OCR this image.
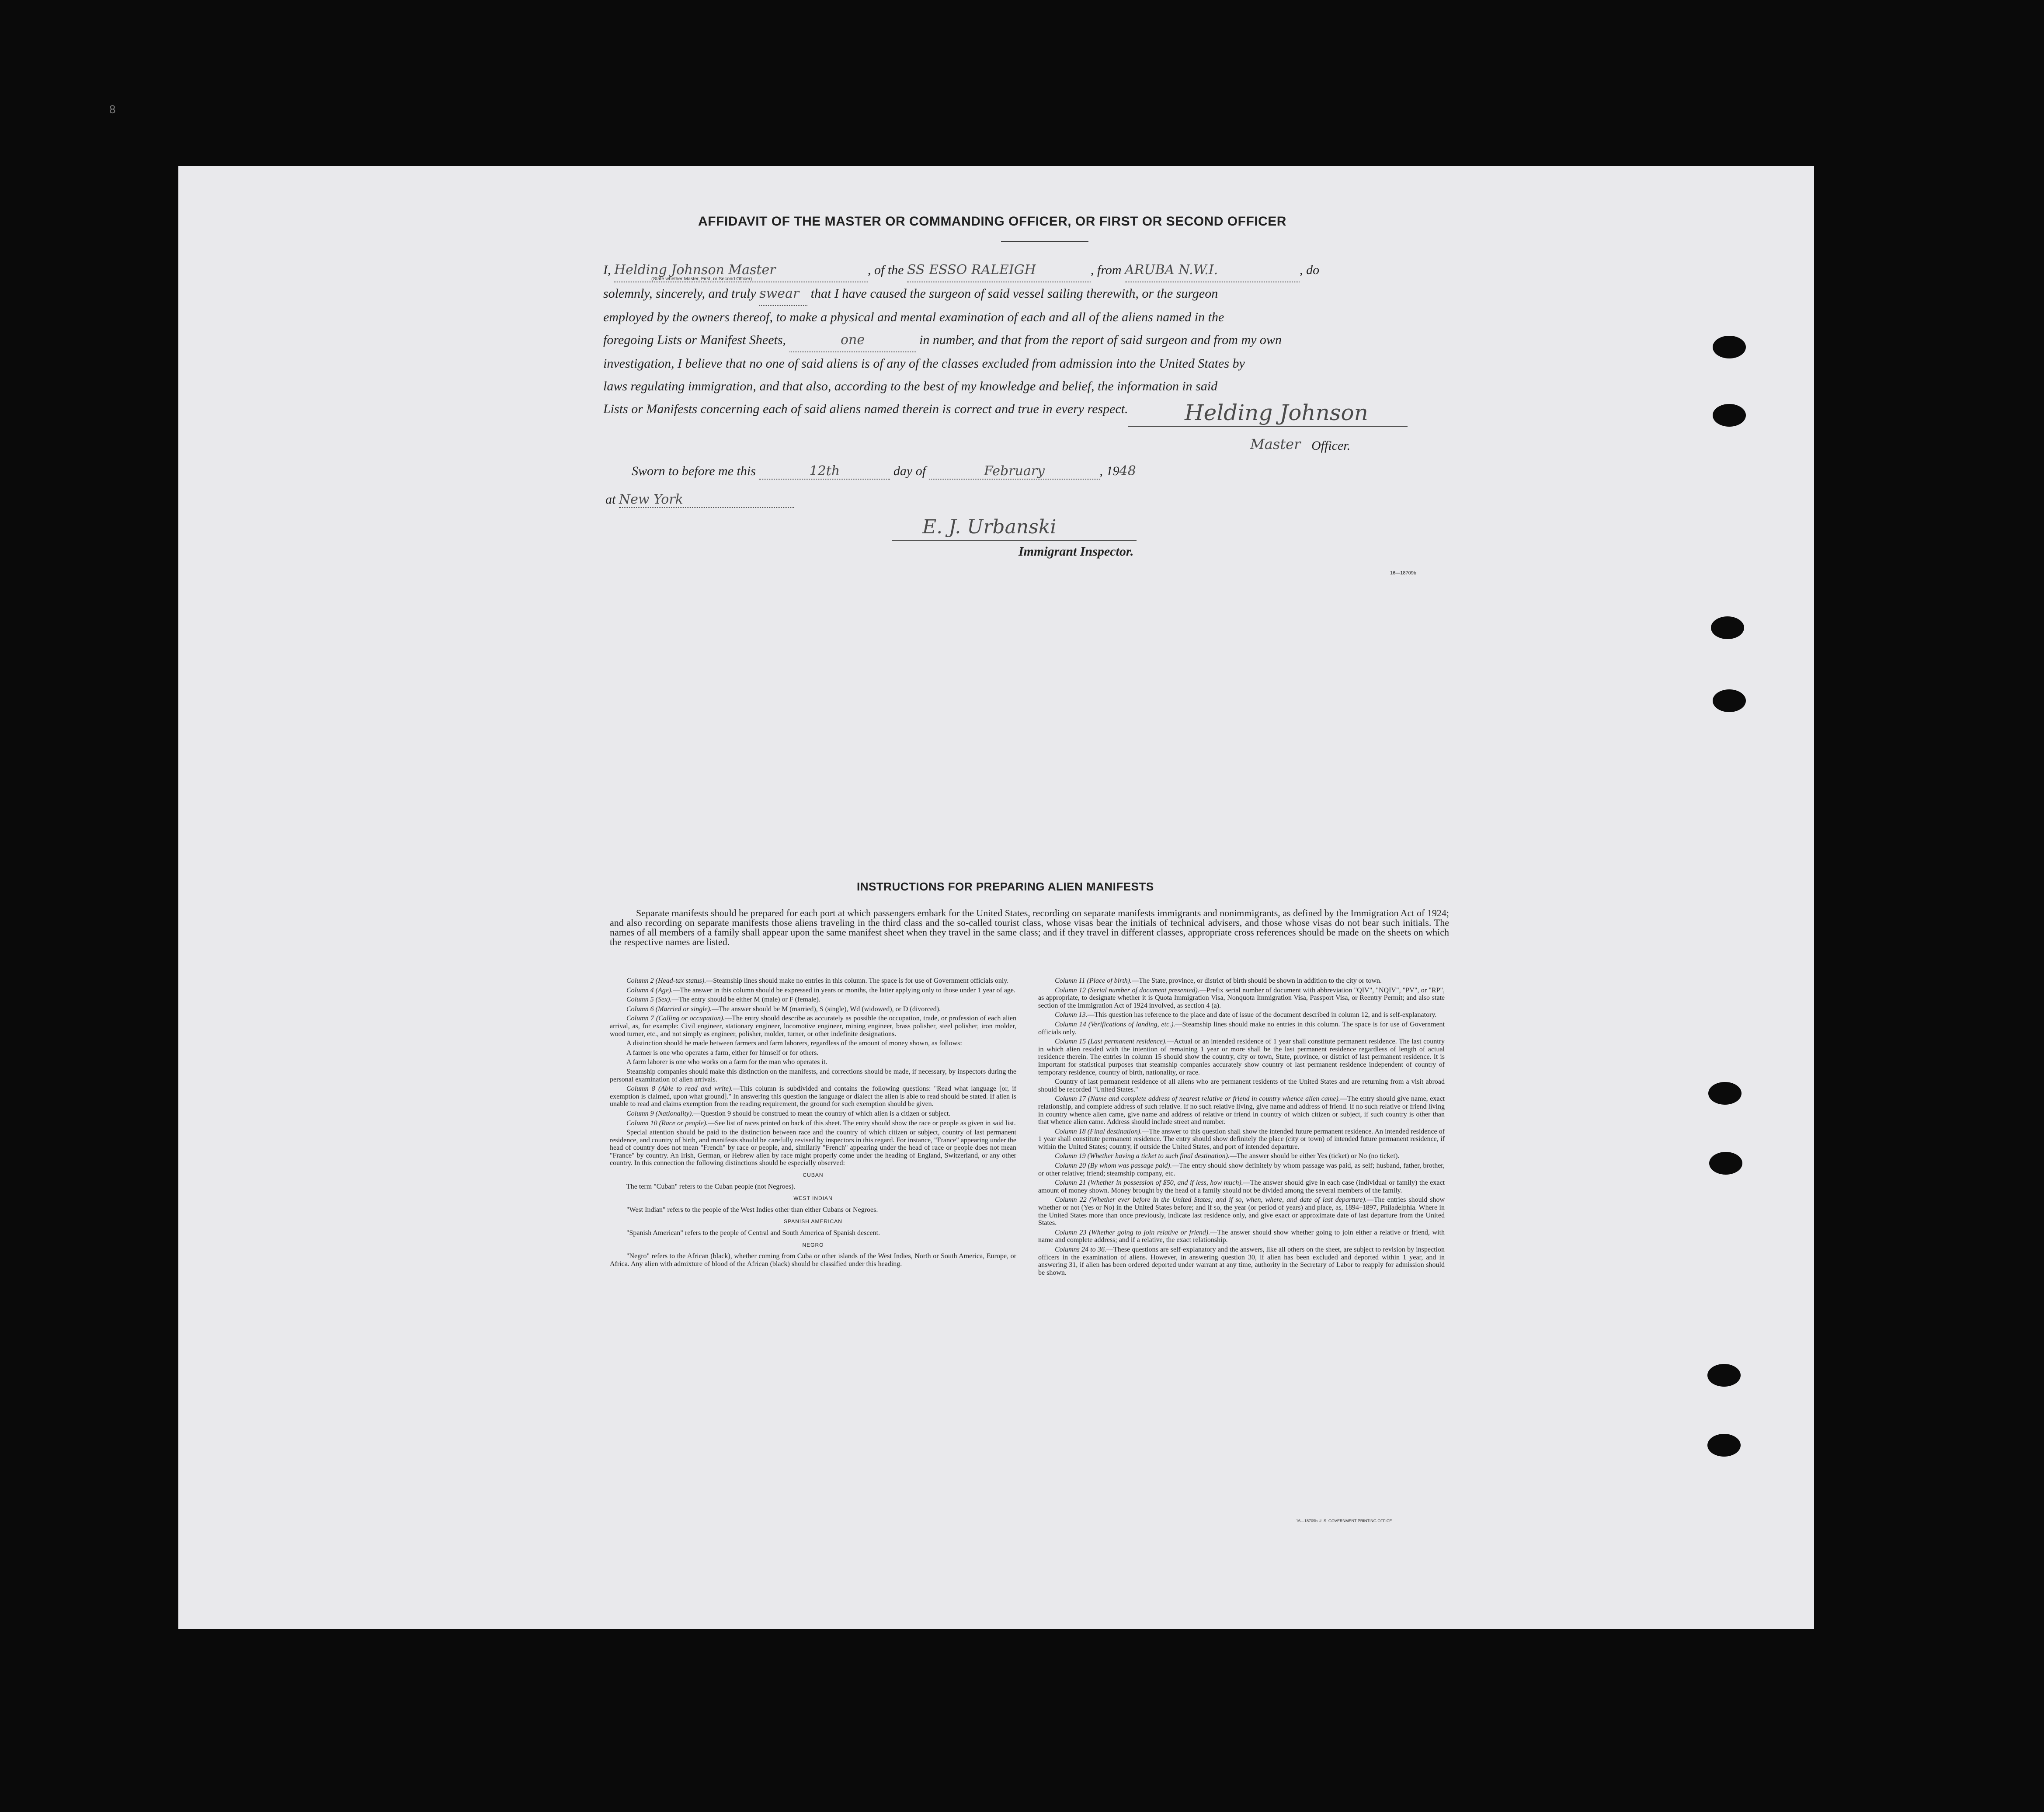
8
AFFIDAVIT OF THE MASTER OR COMMANDING OFFICER, OR FIRST OR SECOND OFFICER
I, Helding Johnson Master	, of the SS ESSO RALEIGH	, from ARUBA N.W.I.	, do
solemnly, sincerely, and truly swear that I have caused the surgeon of said vessel sailing therewith, or the surgeon
employed by the owners thereof, to make a physical and mental examination of each and all of the aliens named in the
foregoing Lists or Manifest Sheets,	one	in number, and that from the report of said surgeon and from my own
investigation, I believe that no one of said aliens is of any of the classes excluded from admission into the United States by
laws regulating immigration, and that also, according to the best of my knowledge and belief, the information in said
Lists or Manifests concerning each of said aliens named therein is correct and true in every respect.
(State whether Master, First, or Second Officer)
Helding Johnson
Master Officer.
Sworn to before me this	12th	day of	February	, 1948
at New York
E. J. Urbanski
Immigrant Inspector.
16—18709b
INSTRUCTIONS FOR PREPARING ALIEN MANIFESTS

Separate manifests should be prepared for each port at which passengers embark for the United States, recording on separate manifests immigrants and nonimmigrants, as defined by the Immigration Act of 1924; and also recording on separate manifests those aliens traveling in the third class and the so-called tourist class, whose visas bear the initials of technical advisers, and those whose visas do not bear such initials. The names of all members of a family shall appear upon the same manifest sheet when they travel in the same class; and if they travel in different classes, appropriate cross references should be made on the sheets on which the respective names are listed.

Column 2 (Head-tax status).—Steamship lines should make no entries in this column. The space is for use of Government officials only.

Column 4 (Age).—The answer in this column should be expressed in years or months, the latter applying only to those under 1 year of age.

Column 5 (Sex).—The entry should be either M (male) or F (female).

Column 6 (Married or single).—The answer should be M (married), S (single), Wd (widowed), or D (divorced).

Column 7 (Calling or occupation).—The entry should describe as accurately as possible the occupation, trade, or profession of each alien arrival, as, for example: Civil engineer, stationary engineer, locomotive engineer, mining engineer, brass polisher, steel polisher, iron molder, wood turner, etc., and not simply as engineer, polisher, molder, turner, or other indefinite designations.

A distinction should be made between farmers and farm laborers, regardless of the amount of money shown, as follows:

A farmer is one who operates a farm, either for himself or for others.

A farm laborer is one who works on a farm for the man who operates it.

Steamship companies should make this distinction on the manifests, and corrections should be made, if necessary, by inspectors during the personal examination of alien arrivals.

Column 8 (Able to read and write).—This column is subdivided and contains the following questions: "Read what language [or, if exemption is claimed, upon what ground]." In answering this question the language or dialect the alien is able to read should be stated. If alien is unable to read and claims exemption from the reading requirement, the ground for such exemption should be given.

Column 9 (Nationality).—Question 9 should be construed to mean the country of which alien is a citizen or subject.

Column 10 (Race or people).—See list of races printed on back of this sheet. The entry should show the race or people as given in said list.

Special attention should be paid to the distinction between race and the country of which citizen or subject, country of last permanent residence, and country of birth, and manifests should be carefully revised by inspectors in this regard. For instance, "France" appearing under the head of country does not mean "French" by race or people, and, similarly "French" appearing under the head of race or people does not mean "France" by country. An Irish, German, or Hebrew alien by race might properly come under the heading of England, Switzerland, or any other country. In this connection the following distinctions should be especially observed:

CUBAN

The term "Cuban" refers to the Cuban people (not Negroes).

WEST INDIAN

"West Indian" refers to the people of the West Indies other than either Cubans or Negroes.

SPANISH AMERICAN

"Spanish American" refers to the people of Central and South America of Spanish descent.

NEGRO

"Negro" refers to the African (black), whether coming from Cuba or other islands of the West Indies, North or South America, Europe, or Africa. Any alien with admixture of blood of the African (black) should be classified under this heading.

Column 11 (Place of birth).—The State, province, or district of birth should be shown in addition to the city or town.

Column 12 (Serial number of document presented).—Prefix serial number of document with abbreviation "QIV", "NQIV", "PV", or "RP", as appropriate, to designate whether it is Quota Immigration Visa, Nonquota Immigration Visa, Passport Visa, or Reentry Permit; and also state section of the Immigration Act of 1924 involved, as section 4 (a).

Column 13.—This question has reference to the place and date of issue of the document described in column 12, and is self-explanatory.

Column 14 (Verifications of landing, etc.).—Steamship lines should make no entries in this column. The space is for use of Government officials only.

Column 15 (Last permanent residence).—Actual or an intended residence of 1 year shall constitute permanent residence. The last country in which alien resided with the intention of remaining 1 year or more shall be the last permanent residence regardless of length of actual residence therein. The entries in column 15 should show the country, city or town, State, province, or district of last permanent residence. It is important for statistical purposes that steamship companies accurately show country of last permanent residence independent of country of temporary residence, country of birth, nationality, or race.

Country of last permanent residence of all aliens who are permanent residents of the United States and are returning from a visit abroad should be recorded "United States."

Column 17 (Name and complete address of nearest relative or friend in country whence alien came).—The entry should give name, exact relationship, and complete address of such relative. If no such relative living, give name and address of friend. If no such relative or friend living in country whence alien came, give name and address of relative or friend in country of which citizen or subject, if such country is other than that whence alien came. Address should include street and number.

Column 18 (Final destination).—The answer to this question shall show the intended future permanent residence. An intended residence of 1 year shall constitute permanent residence. The entry should show definitely the place (city or town) of intended future permanent residence, if within the United States; country, if outside the United States, and port of intended departure.

Column 19 (Whether having a ticket to such final destination).—The answer should be either Yes (ticket) or No (no ticket).

Column 20 (By whom was passage paid).—The entry should show definitely by whom passage was paid, as self; husband, father, brother, or other relative; friend; steamship company, etc.

Column 21 (Whether in possession of $50, and if less, how much).—The answer should give in each case (individual or family) the exact amount of money shown. Money brought by the head of a family should not be divided among the several members of the family.

Column 22 (Whether ever before in the United States; and if so, when, where, and date of last departure).—The entries should show whether or not (Yes or No) in the United States before; and if so, the year (or period of years) and place, as, 1894–1897, Philadelphia. Where in the United States more than once previously, indicate last residence only, and give exact or approximate date of last departure from the United States.

Column 23 (Whether going to join relative or friend).—The answer should show whether going to join either a relative or friend, with name and complete address; and if a relative, the exact relationship.

Columns 24 to 36.—These questions are self-explanatory and the answers, like all others on the sheet, are subject to revision by inspection officers in the examination of aliens. However, in answering question 30, if alien has been excluded and deported within 1 year, and in answering 31, if alien has been ordered deported under warrant at any time, authority in the Secretary of Labor to reapply for admission should be shown.

16—18709b U. S. GOVERNMENT PRINTING OFFICE
